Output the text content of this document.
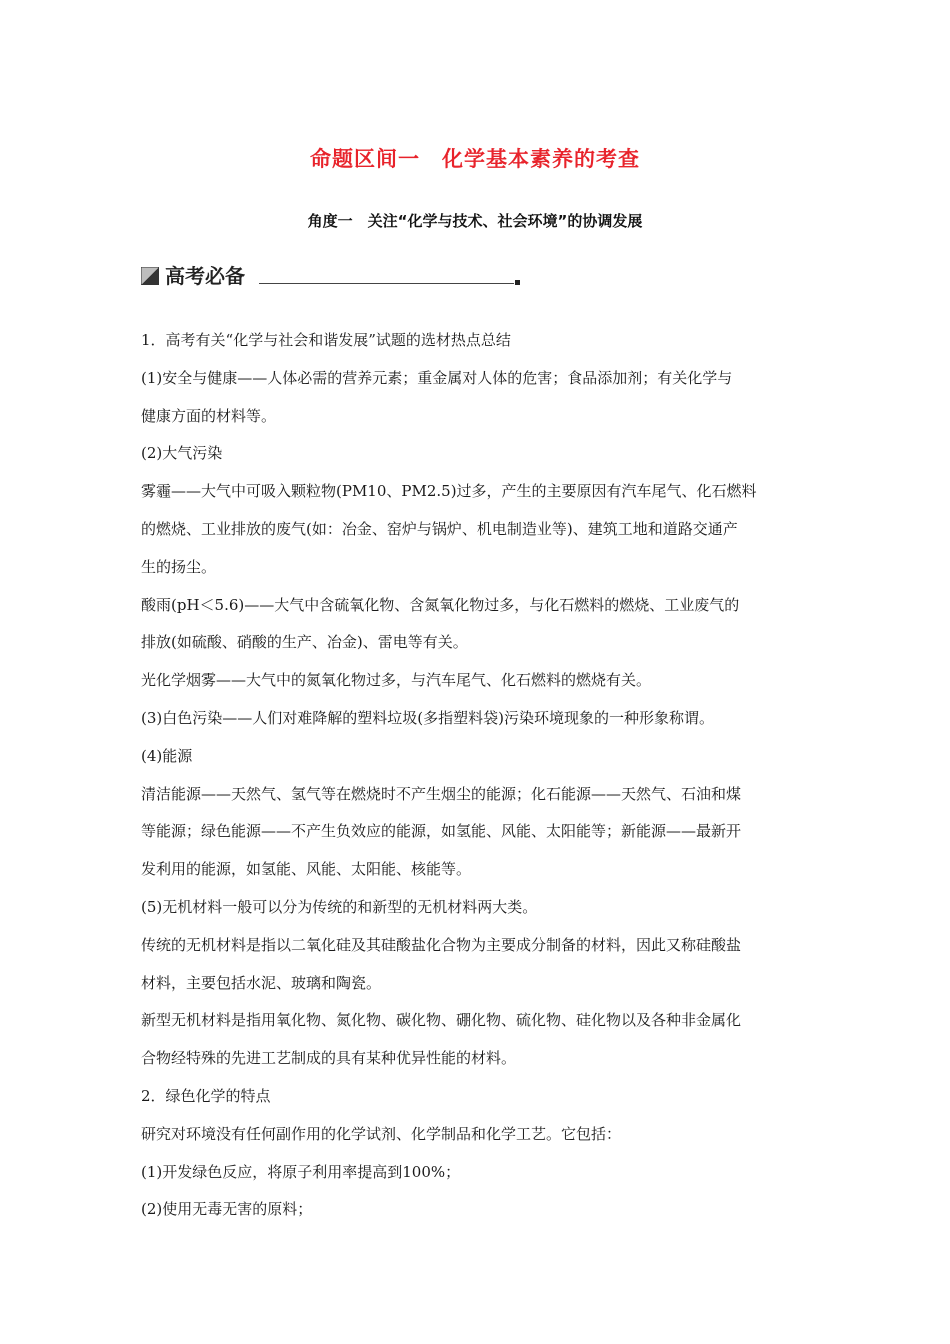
命题区间一　化学基本素养的考查
角度一　关注“化学与技术、社会环境”的协调发展
高考必备
1．高考有关“化学与社会和谐发展”试题的选材热点总结
(1)安全与健康——人体必需的营养元素；重金属对人体的危害；食品添加剂；有关化学与
健康方面的材料等。
(2)大气污染
雾霾——大气中可吸入颗粒物(PM10、PM2.5)过多，产生的主要原因有汽车尾气、化石燃料
的燃烧、工业排放的废气(如：冶金、窑炉与锅炉、机电制造业等)、建筑工地和道路交通产
生的扬尘。
酸雨(pH＜5.6)——大气中含硫氧化物、含氮氧化物过多，与化石燃料的燃烧、工业废气的
排放(如硫酸、硝酸的生产、冶金)、雷电等有关。
光化学烟雾——大气中的氮氧化物过多，与汽车尾气、化石燃料的燃烧有关。
(3)白色污染——人们对难降解的塑料垃圾(多指塑料袋)污染环境现象的一种形象称谓。
(4)能源
清洁能源——天然气、氢气等在燃烧时不产生烟尘的能源；化石能源——天然气、石油和煤
等能源；绿色能源——不产生负效应的能源，如氢能、风能、太阳能等；新能源——最新开
发利用的能源，如氢能、风能、太阳能、核能等。
(5)无机材料一般可以分为传统的和新型的无机材料两大类。
传统的无机材料是指以二氧化硅及其硅酸盐化合物为主要成分制备的材料，因此又称硅酸盐
材料，主要包括水泥、玻璃和陶瓷。
新型无机材料是指用氧化物、氮化物、碳化物、硼化物、硫化物、硅化物以及各种非金属化
合物经特殊的先进工艺制成的具有某种优异性能的材料。
2．绿色化学的特点
研究对环境没有任何副作用的化学试剂、化学制品和化学工艺。它包括：
(1)开发绿色反应，将原子利用率提高到100%；
(2)使用无毒无害的原料；
